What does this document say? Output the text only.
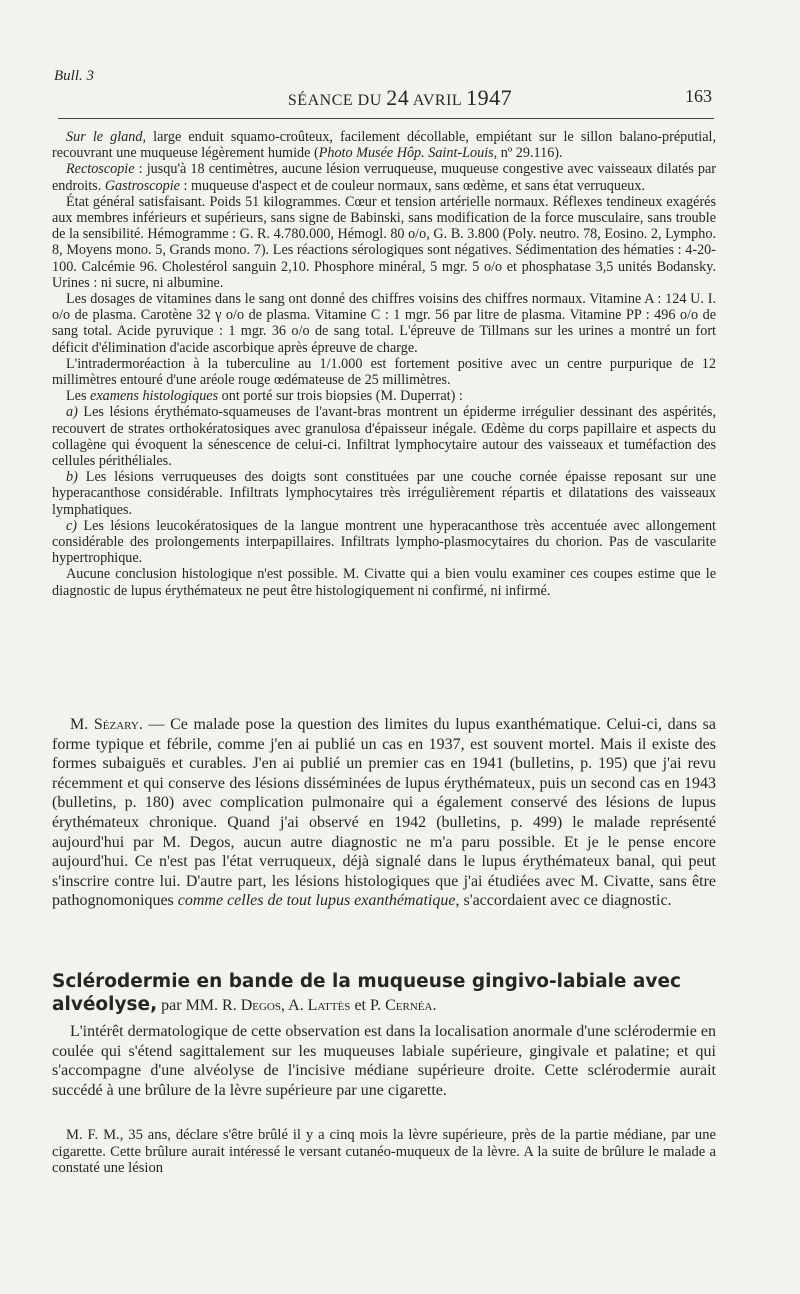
Bull. 3
SÉANCE DU 24 AVRIL 1947	163

Sur le gland, large enduit squamo-croûteux, facilement décollable, empiétant sur le sillon balano-préputial, recouvrant une muqueuse légèrement humide (Photo Musée Hôp. Saint-Louis, nº 29.116).

Rectoscopie : jusqu'à 18 centimètres, aucune lésion verruqueuse, muqueuse congestive avec vaisseaux dilatés par endroits. Gastroscopie : muqueuse d'aspect et de couleur normaux, sans œdème, et sans état verruqueux.

État général satisfaisant. Poids 51 kilogrammes. Cœur et tension artérielle normaux. Réflexes tendineux exagérés aux membres inférieurs et supérieurs, sans signe de Babinski, sans modification de la force musculaire, sans trouble de la sensibilité. Hémogramme : G. R. 4.780.000, Hémogl. 80 o/o, G. B. 3.800 (Poly. neutro. 78, Eosino. 2, Lympho. 8, Moyens mono. 5, Grands mono. 7). Les réactions sérologiques sont négatives. Sédimentation des hématies : 4-20-100. Calcémie 96. Cholestérol sanguin 2,10. Phosphore minéral, 5 mgr. 5 o/o et phosphatase 3,5 unités Bodansky. Urines : ni sucre, ni albumine.

Les dosages de vitamines dans le sang ont donné des chiffres voisins des chiffres normaux. Vitamine A : 124 U. I. o/o de plasma. Carotène 32 γ o/o de plasma. Vitamine C : 1 mgr. 56 par litre de plasma. Vitamine PP : 496 o/o de sang total. Acide pyruvique : 1 mgr. 36 o/o de sang total. L'épreuve de Tillmans sur les urines a montré un fort déficit d'élimination d'acide ascorbique après épreuve de charge.

L'intradermoréaction à la tuberculine au 1/1.000 est fortement positive avec un centre purpurique de 12 millimètres entouré d'une aréole rouge œdémateuse de 25 millimètres.

Les examens histologiques ont porté sur trois biopsies (M. Duperrat) :

a) Les lésions érythémato-squameuses de l'avant-bras montrent un épiderme irrégulier dessinant des aspérités, recouvert de strates orthokératosiques avec granulosa d'épaisseur inégale. Œdème du corps papillaire et aspects du collagène qui évoquent la sénescence de celui-ci. Infiltrat lymphocytaire autour des vaisseaux et tuméfaction des cellules périthéliales.

b) Les lésions verruqueuses des doigts sont constituées par une couche cornée épaisse reposant sur une hyperacanthose considérable. Infiltrats lymphocytaires très irrégulièrement répartis et dilatations des vaisseaux lymphatiques.

c) Les lésions leucokératosiques de la langue montrent une hyperacanthose très accentuée avec allongement considérable des prolongements interpapillaires. Infiltrats lympho-plasmocytaires du chorion. Pas de vascularite hypertrophique.

Aucune conclusion histologique n'est possible. M. Civatte qui a bien voulu examiner ces coupes estime que le diagnostic de lupus érythémateux ne peut être histologiquement ni confirmé, ni infirmé.

M. Sézary. — Ce malade pose la question des limites du lupus exanthématique. Celui-ci, dans sa forme typique et fébrile, comme j'en ai publié un cas en 1937, est souvent mortel. Mais il existe des formes subaiguës et curables. J'en ai publié un premier cas en 1941 (bulletins, p. 195) que j'ai revu récemment et qui conserve des lésions disséminées de lupus érythémateux, puis un second cas en 1943 (bulletins, p. 180) avec complication pulmonaire qui a également conservé des lésions de lupus érythémateux chronique. Quand j'ai observé en 1942 (bulletins, p. 499) le malade représenté aujourd'hui par M. Degos, aucun autre diagnostic ne m'a paru possible. Et je le pense encore aujourd'hui. Ce n'est pas l'état verruqueux, déjà signalé dans le lupus érythémateux banal, qui peut s'inscrire contre lui. D'autre part, les lésions histologiques que j'ai étudiées avec M. Civatte, sans être pathognomoniques comme celles de tout lupus exanthématique, s'accordaient avec ce diagnostic.

Sclérodermie en bande de la muqueuse gingivo-labiale avec alvéolyse, par MM. R. Degos, A. Lattès et P. Cernéa.

L'intérêt dermatologique de cette observation est dans la localisation anormale d'une sclérodermie en coulée qui s'étend sagittalement sur les muqueuses labiale supérieure, gingivale et palatine; et qui s'accompagne d'une alvéolyse de l'incisive médiane supérieure droite. Cette sclérodermie aurait succédé à une brûlure de la lèvre supérieure par une cigarette.

M. F. M., 35 ans, déclare s'être brûlé il y a cinq mois la lèvre supérieure, près de la partie médiane, par une cigarette. Cette brûlure aurait intéressé le versant cutanéo-muqueux de la lèvre. A la suite de brûlure le malade a constaté une lésion
